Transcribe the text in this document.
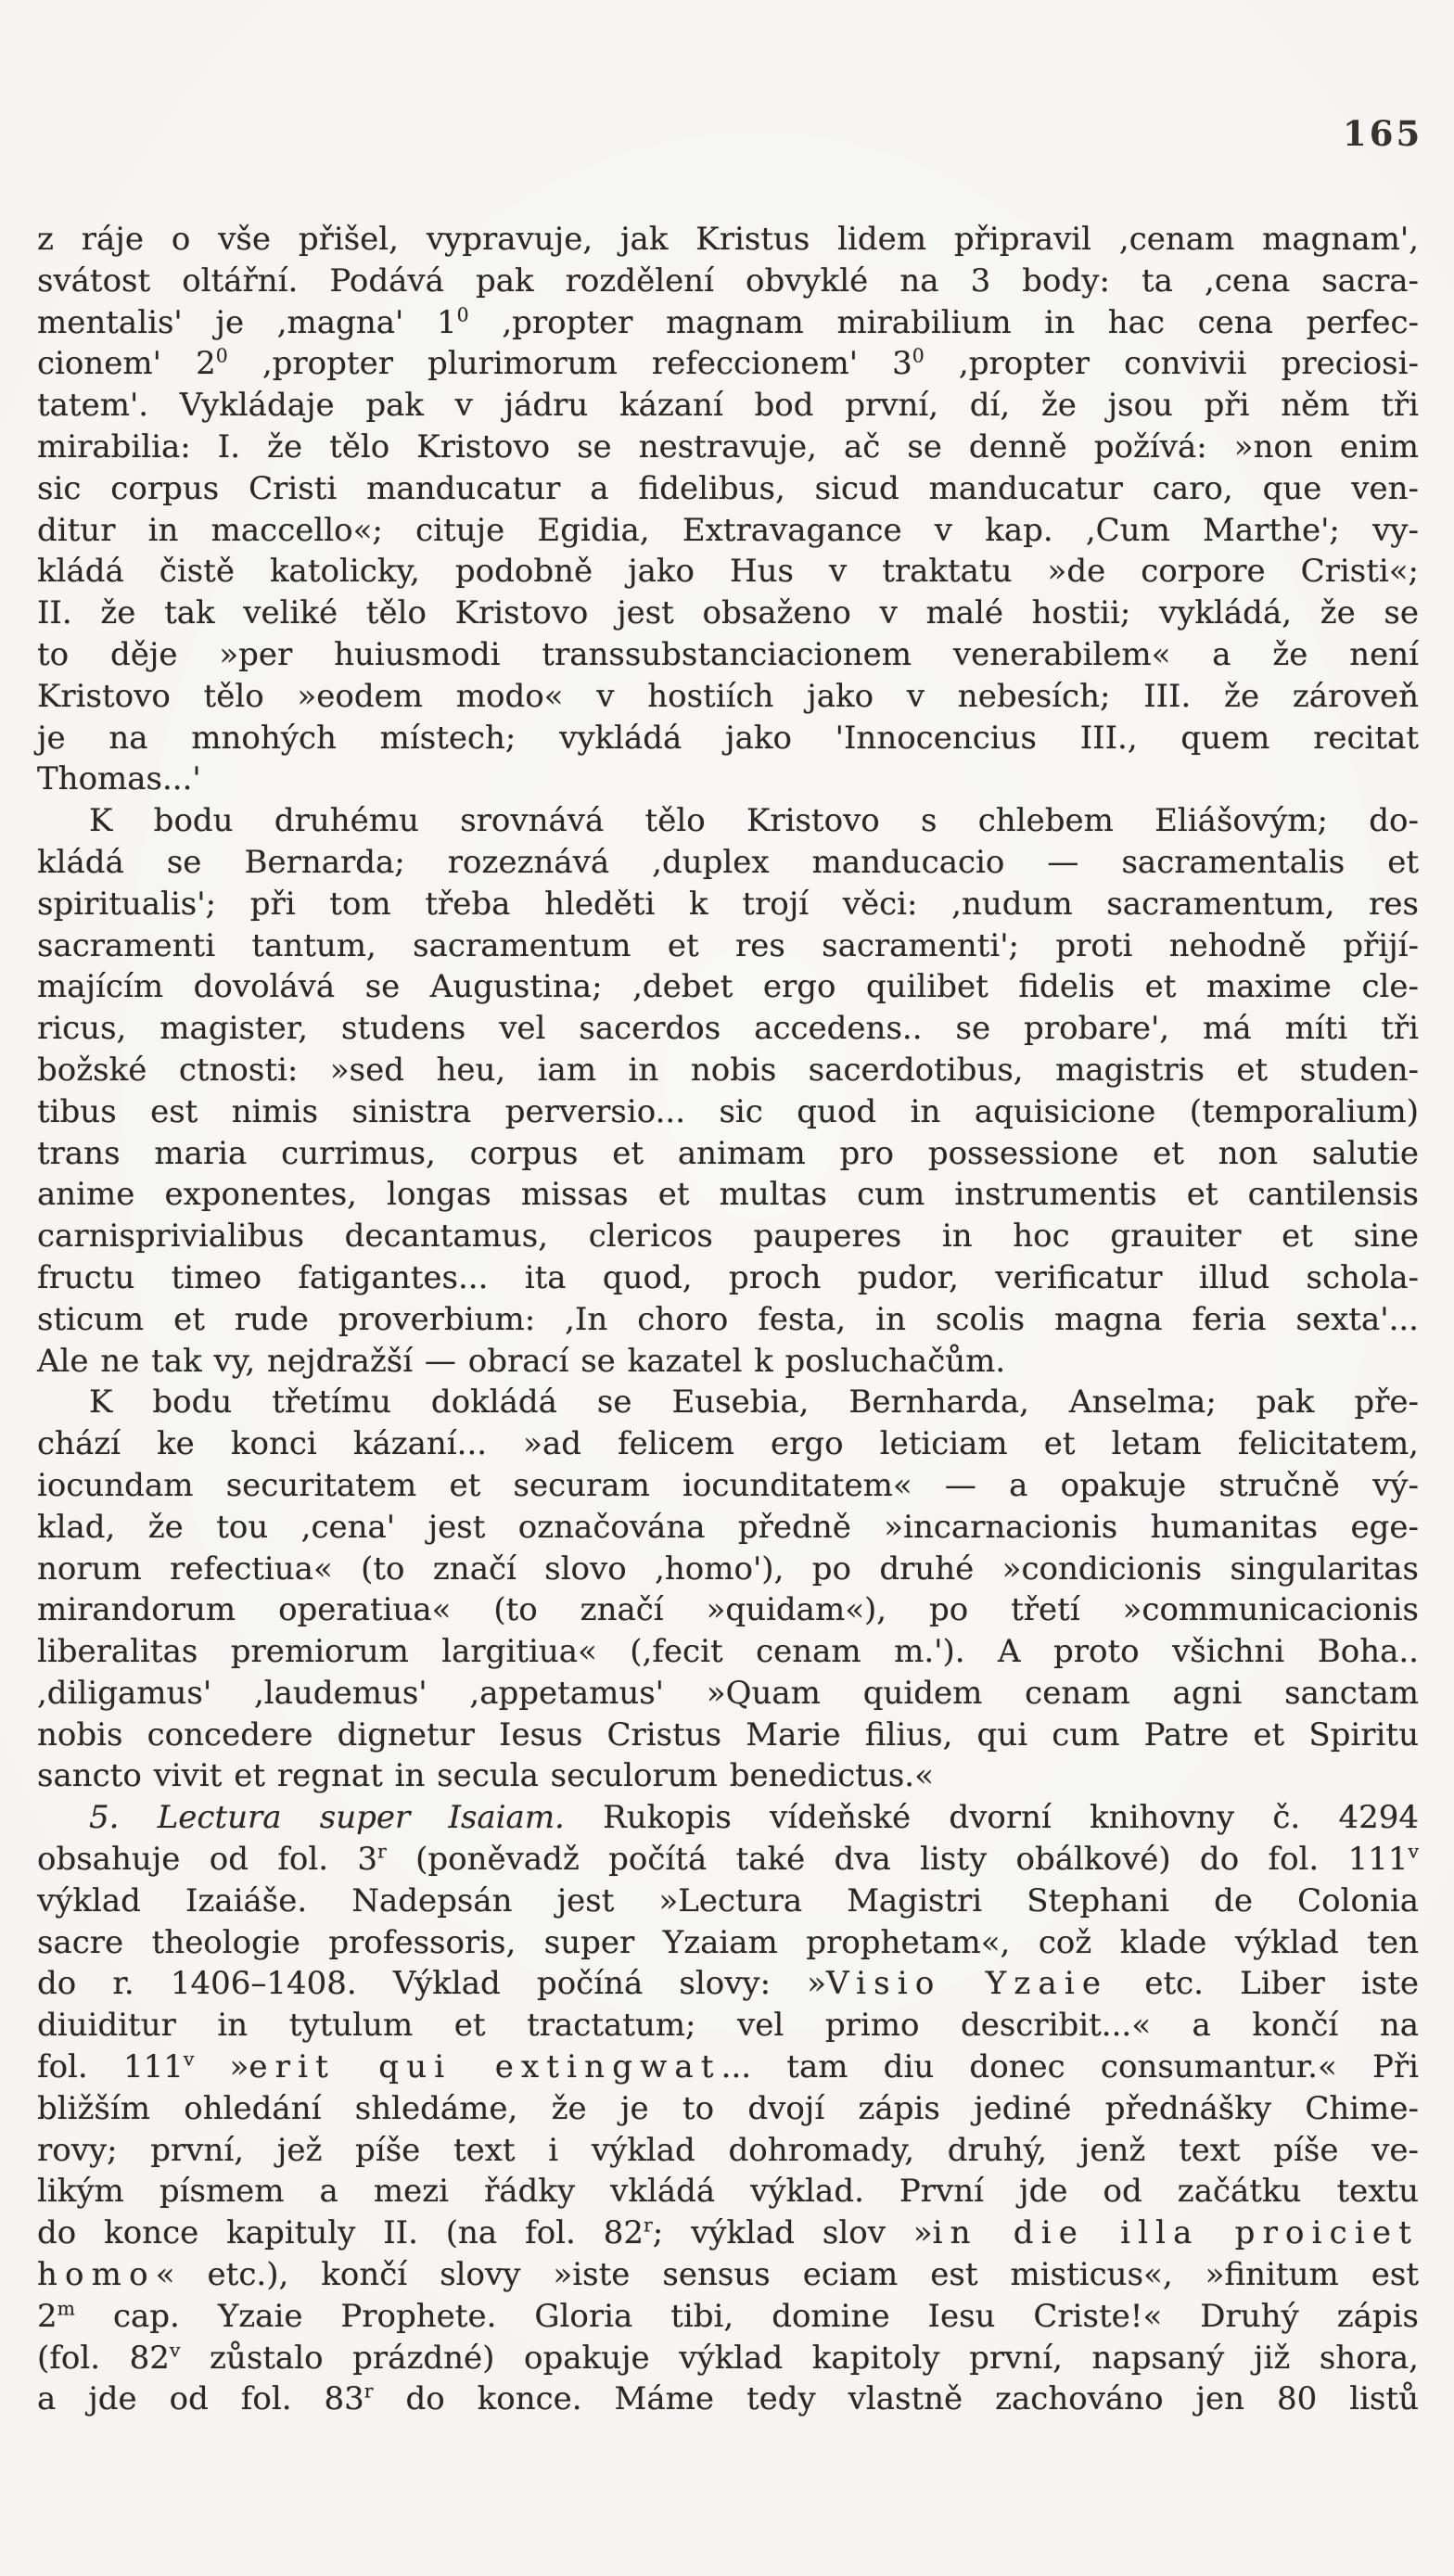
165
z ráje o vše přišel, vypravuje, jak Kristus lidem připravil ,cenam magnam',
svátost oltářní. Podává pak rozdělení obvyklé na 3 body: ta ,cena sacra-
mentalis' je ,magna' $1^0$ ,propter magnam mirabilium in hac cena perfec-
cionem' $2^0$ ,propter plurimorum refeccionem' $3^0$ ,propter convivii preciosi-
tatem'. Vykládaje pak v jádru kázaní bod první, dí, že jsou při něm tři
mirabilia: I. že tělo Kristovo se nestravuje, ač se denně požívá: »non enim
sic corpus Cristi manducatur a fidelibus, sicud manducatur caro, que ven-
ditur in maccello«; cituje Egidia, Extravagance v kap. ,Cum Marthe'; vy-
kládá čistě katolicky, podobně jako Hus v traktatu »de corpore Cristi«;
II. že tak veliké tělo Kristovo jest obsaženo v malé hostii; vykládá, že se
to děje »per huiusmodi transsubstanciacionem venerabilem« a že není
Kristovo tělo »eodem modo« v hostiích jako v nebesích; III. že zároveň
je na mnohých místech; vykládá jako 'Innocencius III., quem recitat
Thomas...'
K bodu druhému srovnává tělo Kristovo s chlebem Eliášovým; do-
kládá se Bernarda; rozeznává ,duplex manducacio — sacramentalis et
spiritualis'; při tom třeba hleděti k trojí věci: ,nudum sacramentum, res
sacramenti tantum, sacramentum et res sacramenti'; proti nehodně přijí-
majícím dovolává se Augustina; ,debet ergo quilibet fidelis et maxime cle-
ricus, magister, studens vel sacerdos accedens.. se probare', má míti tři
božské ctnosti: »sed heu, iam in nobis sacerdotibus, magistris et studen-
tibus est nimis sinistra perversio... sic quod in aquisicione (temporalium)
trans maria currimus, corpus et animam pro possessione et non salutie
anime exponentes, longas missas et multas cum instrumentis et cantilensis
carnisprivialibus decantamus, clericos pauperes in hoc grauiter et sine
fructu timeo fatigantes... ita quod, proch pudor, verificatur illud schola-
sticum et rude proverbium: ,In choro festa, in scolis magna feria sexta'...
Ale ne tak vy, nejdražší — obrací se kazatel k posluchačům.
K bodu třetímu dokládá se Eusebia, Bernharda, Anselma; pak pře-
chází ke konci kázaní... »ad felicem ergo leticiam et letam felicitatem,
iocundam securitatem et securam iocunditatem« — a opakuje stručně vý-
klad, že tou ,cena' jest označována předně »incarnacionis humanitas ege-
norum refectiua« (to značí slovo ,homo'), po druhé »condicionis singularitas
mirandorum operatiua« (to značí »quidam«), po třetí »communicacionis
liberalitas premiorum largitiua« (,fecit cenam m.'). A proto všichni Boha..
,diligamus' ,laudemus' ,appetamus' »Quam quidem cenam agni sanctam
nobis concedere dignetur Iesus Cristus Marie filius, qui cum Patre et Spiritu
sancto vivit et regnat in secula seculorum benedictus.«
5. Lectura super Isaiam. Rukopis vídeňské dvorní knihovny č. 4294
obsahuje od fol. 3$^r$ (poněvadž počítá také dva listy obálkové) do fol. 111$^v$
výklad Izaiáše. Nadepsán jest »Lectura Magistri Stephani de Colonia
sacre theologie professoris, super Yzaiam prophetam«, což klade výklad ten
do r. 1406–1408. Výklad počíná slovy: »Visio Yzaie etc. Liber iste
diuiditur in tytulum et tractatum; vel primo describit...« a končí na
fol. 111$^v$ »erit qui extingwat... tam diu donec consumantur.« Při
bližším ohledání shledáme, že je to dvojí zápis jediné přednášky Chime-
rovy; první, jež píše text i výklad dohromady, druhý, jenž text píše ve-
likým písmem a mezi řádky vkládá výklad. První jde od začátku textu
do konce kapituly II. (na fol. 82$^r$; výklad slov »in die illa proiciet
homo« etc.), končí slovy »iste sensus eciam est misticus«, »finitum est
2$^m$ cap. Yzaie Prophete. Gloria tibi, domine Iesu Criste!« Druhý zápis
(fol. 82$^v$ zůstalo prázdné) opakuje výklad kapitoly první, napsaný již shora,
a jde od fol. 83$^r$ do konce. Máme tedy vlastně zachováno jen 80 listů
